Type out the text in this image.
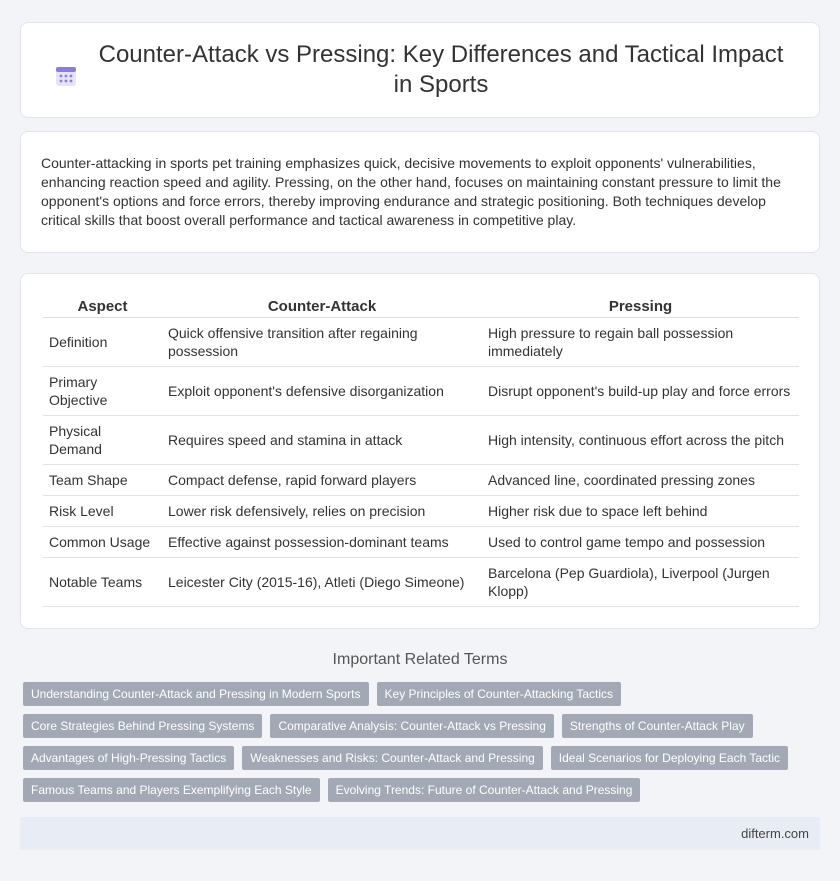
Counter-Attack vs Pressing: Key Differences and Tactical Impact in Sports

Counter-attacking in sports pet training emphasizes quick, decisive movements to exploit opponents' vulnerabilities, enhancing reaction speed and agility. Pressing, on the other hand, focuses on maintaining constant pressure to limit the opponent's options and force errors, thereby improving endurance and strategic positioning. Both techniques develop critical skills that boost overall performance and tactical awareness in competitive play.

Aspect	Counter-Attack	Pressing
Definition	Quick offensive transition after regaining possession	High pressure to regain ball possession immediately
Primary Objective	Exploit opponent's defensive disorganization	Disrupt opponent's build-up play and force errors
Physical Demand	Requires speed and stamina in attack	High intensity, continuous effort across the pitch
Team Shape	Compact defense, rapid forward players	Advanced line, coordinated pressing zones
Risk Level	Lower risk defensively, relies on precision	Higher risk due to space left behind
Common Usage	Effective against possession-dominant teams	Used to control game tempo and possession
Notable Teams	Leicester City (2015-16), Atleti (Diego Simeone)	Barcelona (Pep Guardiola), Liverpool (Jurgen Klopp)
Important Related Terms
Understanding Counter-Attack and Pressing in Modern Sports	Key Principles of Counter-Attacking Tactics
Core Strategies Behind Pressing Systems	Comparative Analysis: Counter-Attack vs Pressing	Strengths of Counter-Attack Play
Advantages of High-Pressing Tactics	Weaknesses and Risks: Counter-Attack and Pressing	Ideal Scenarios for Deploying Each Tactic
Famous Teams and Players Exemplifying Each Style	Evolving Trends: Future of Counter-Attack and Pressing
difterm.com
